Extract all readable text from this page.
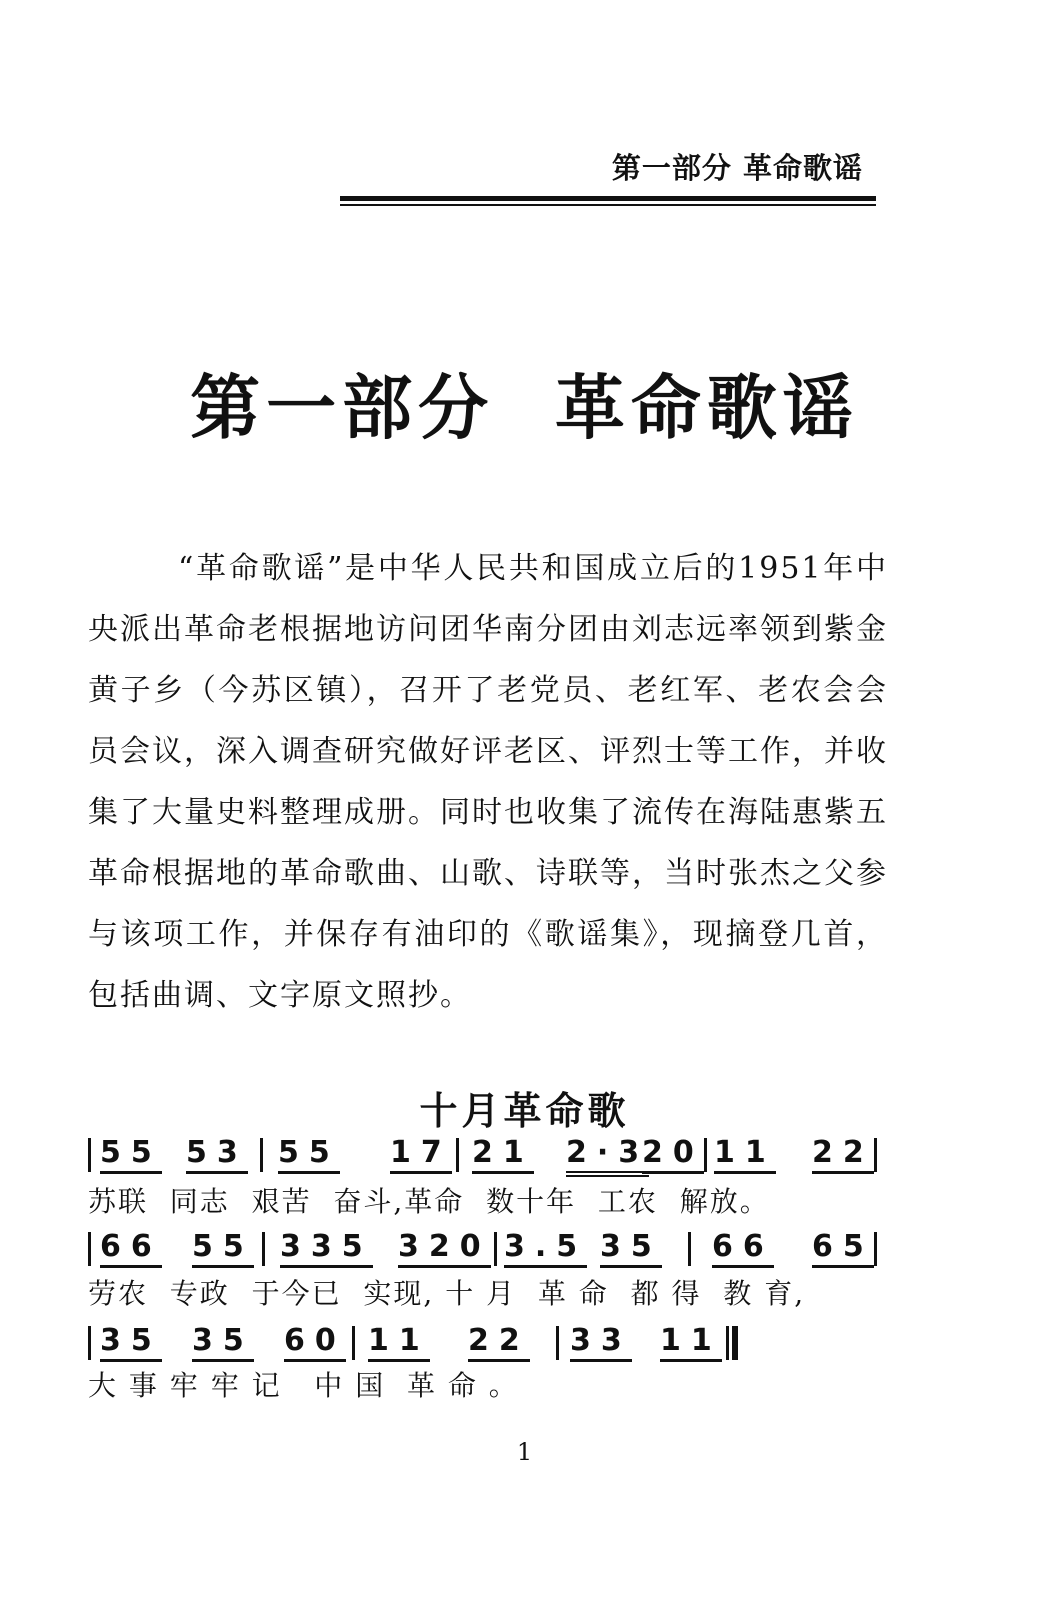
第一部分 革命歌谣
第一部分  革命歌谣

“革命歌谣”是中华人民共和国成立后的1951年中央派出革命老根据地访问团华南分团由刘志远率领到紫金黄子乡（今苏区镇），召开了老党员、老红军、老农会会员会议，深入调查研究做好评老区、评烈士等工作，并收集了大量史料整理成册。同时也收集了流传在海陆惠紫五革命根据地的革命歌曲、山歌、诗联等，当时张杰之父参与该项工作，并保存有油印的《歌谣集》，现摘登几首，包括曲调、文字原文照抄。

十月革命歌
55 53 55 17 21 2·3
20 11 22
苏联  同志  艰苦  奋斗,革命  数十年  工农  解放。
66 55 335 320 3.5 35 66 65
劳农  专政  于今已  实现, 十 月  革 命  都 得  教 育,
35 35 60 11 22 33 11
大 事 牢 牢 记   中 国  革 命 。
1
